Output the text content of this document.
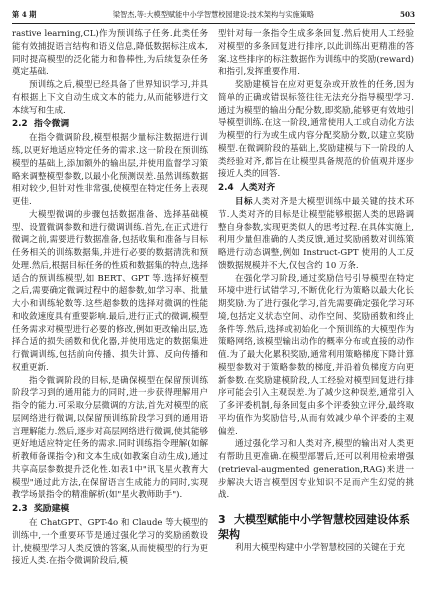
第 4 期	梁智杰,等:大模型赋能中小学智慧校园建设:技术架构与实施策略	503

rastive learning,CL)作为预训练子任务.此类任务能有效捕捉语言结构和语义信息,降低数据标注成本,同时提高模型的泛化能力和鲁棒性,为后续复杂任务奠定基础.

预训练之后,模型已经具备了世界知识学习,并具有根据上下文自动生成文本的能力,从而能够进行文本续写和生成.

2.2 指令微调

在指令微调阶段,模型根据少量标注数据进行训练,以更好地适应特定任务的需求.这一阶段在预训练模型的基础上,添加额外的输出层,并使用监督学习策略来调整模型参数,以最小化预测误差.虽然训练数据相对较少,但针对性非常强,使模型在特定任务上表现更佳.

大模型微调的步骤包括数据准备、选择基础模型、设置微调参数和进行微调训练.首先,在正式进行微调之前,需要进行数据准备,包括收集和准备与目标任务相关的训练数据集,并进行必要的数据清洗和预处理.然后,根据目标任务的性质和数据集的特点,选择适合的预训练模型,如 BERT、GPT 等.选择好模型之后,需要确定微调过程中的超参数,如学习率、批量大小和训练轮数等.这些超参数的选择对微调的性能和收敛速度具有重要影响.最后,进行正式的微调,模型任务需求对模型进行必要的修改,例如更改输出层,选择合适的损失函数和优化器,并使用选定的数据集进行微调训练,包括前向传播、损失计算、反向传播和权重更新.

指令微调阶段的目标,是确保模型在保留预训练阶段学习到的通用能力的同时,进一步获得理解用户指令的能力.可采取分层微调的方法,首先对模型的底层网络进行微调,以保留预训练阶段学习到的通用语言理解能力.然后,逐步对高层网络进行微调,使其能够更好地适应特定任务的需求.同时训练指令理解(如解析教师备课指令)和文本生成(如教案自动生成),通过共享高层参数提升泛化性.如表1中"讯飞星火教育大模型"通过此方法,在保留语言生成能力的同时,实现教学场景指令的精准解析(如"星火教师助手").

2.3 奖励建模

在 ChatGPT、GPT-4o 和 Claude 等大模型的训练中,一个重要环节是通过强化学习的奖励函数设计,使模型学习人类反馈的答案,从而使模型的行为更接近人类.在指令微调阶段后,模

型针对每一条指令生成多条回复.然后使用人工经验对模型的多条回复进行排序,以此训练出更精准的答案.这些排序的标注数据作为训练中的奖励(reward)和指引,发挥重要作用.

奖励建模旨在应对更复杂或开放性的任务,因为简单的正确或错误标签往往无法充分指导模型学习.通过为模型的输出分配分数,即奖励,能够更有效地引导模型训练.在这一阶段,通常使用人工或自动化方法为模型的行为或生成内容分配奖励分数,以建立奖励模型.在微调阶段的基础上,奖励建模与下一阶段的人类经验对齐,都旨在让模型具备规范的价值观并逐步接近人类的回答.

2.4 人类对齐

目标人类对齐是大模型训练中最关键的技术环节.人类对齐的目标是让模型能够根据人类的思路调整自身参数,实现更类似人的思考过程.在具体实施上,利用少量但准确的人类反馈,通过奖励函数对训练策略进行动态调整,例如 Instruct-GPT 使用的人工反馈数据规模并不大,仅包含约 10 万条.

在强化学习阶段,通过奖励信号引导模型在特定环境中进行试错学习,不断优化行为策略以最大化长期奖励.为了进行强化学习,首先需要确定强化学习环境,包括定义状态空间、动作空间、奖励函数和终止条件等.然后,选择或初始化一个预训练的大模型作为策略网络,该模型输出动作的概率分布或直接的动作值.为了最大化累积奖励,通常利用策略梯度下降计算模型参数对于策略参数的梯度,并沿着负梯度方向更新参数.在奖励建模阶段,人工经验对模型回复进行排序可能会引入主观误差.为了减少这种误差,通常引入了多评委机制,每条回复由多个评委独立评分,最终取平均值作为奖励信号,从而有效减少单个评委的主观偏差.

通过强化学习和人类对齐,模型的输出对人类更有帮助且更准确.在模型部署后,还可以利用检索增强(retrieval-augmented generation,RAG)来进一步解决大语言模型因专业知识不足而产生幻觉的挑战.

3 大模型赋能中小学智慧校园建设体系架构

利用大模型构建中小学智慧校园的关键在于充
